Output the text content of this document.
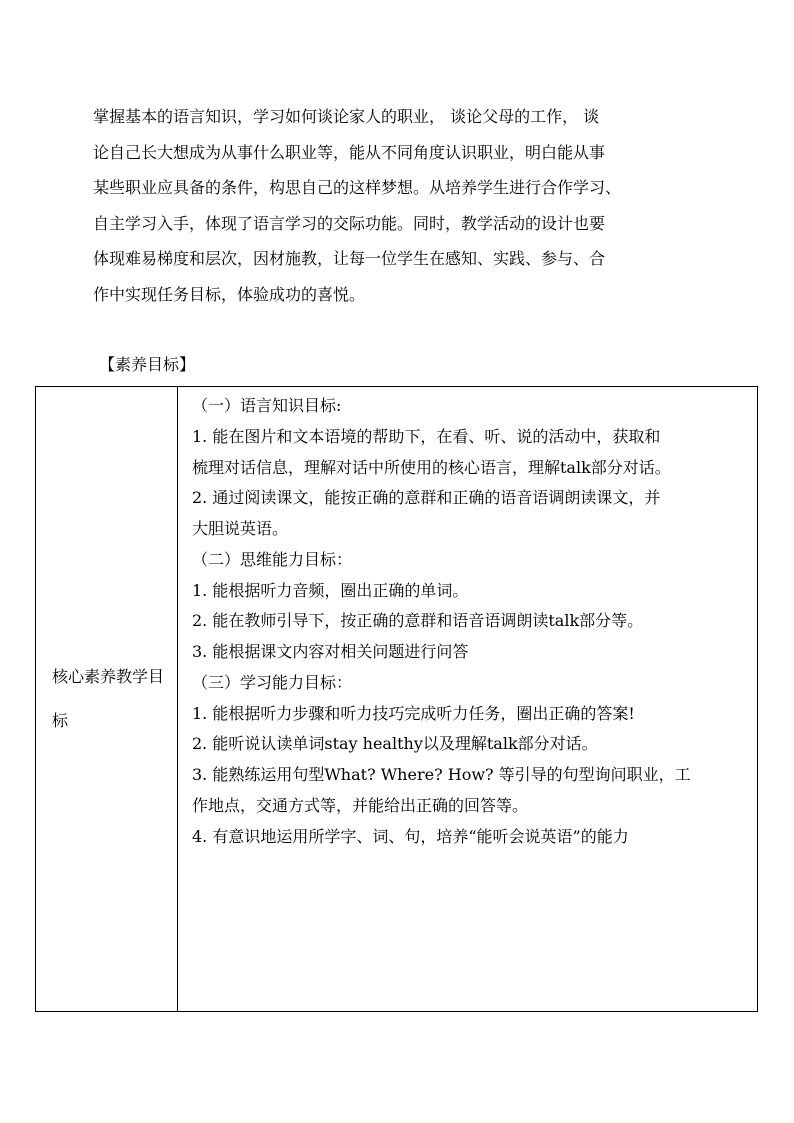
掌握基本的语言知识，学习如何谈论家人的职业， 谈论父母的工作， 谈
论自己长大想成为从事什么职业等，能从不同角度认识职业，明白能从事
某些职业应具备的条件，构思自己的这样梦想。从培养学生进行合作学习、
自主学习入手，体现了语言学习的交际功能。同时，教学活动的设计也要
体现难易梯度和层次，因材施教，让每一位学生在感知、实践、参与、合
作中实现任务目标，体验成功的喜悦。
【素养目标】
核心素养教学目标

（一）语言知识目标:
1. 能在图片和文本语境的帮助下，在看、听、说的活动中，获取和
梳理对话信息，理解对话中所使用的核心语言，理解talk部分对话。
2. 通过阅读课文，能按正确的意群和正确的语音语调朗读课文，并
大胆说英语。
（二）思维能力目标：
1. 能根据听力音频，圈出正确的单词。
2. 能在教师引导下，按正确的意群和语音语调朗读talk部分等。
3. 能根据课文内容对相关问题进行问答
（三）学习能力目标：
1. 能根据听力步骤和听力技巧完成听力任务，圈出正确的答案!
2. 能听说认读单词stay healthy以及理解talk部分对话。
3. 能熟练运用句型What? Where? How? 等引导的句型询问职业，工
作地点，交通方式等，并能给出正确的回答等。
4. 有意识地运用所学字、词、句，培养“能听会说英语”的能力
